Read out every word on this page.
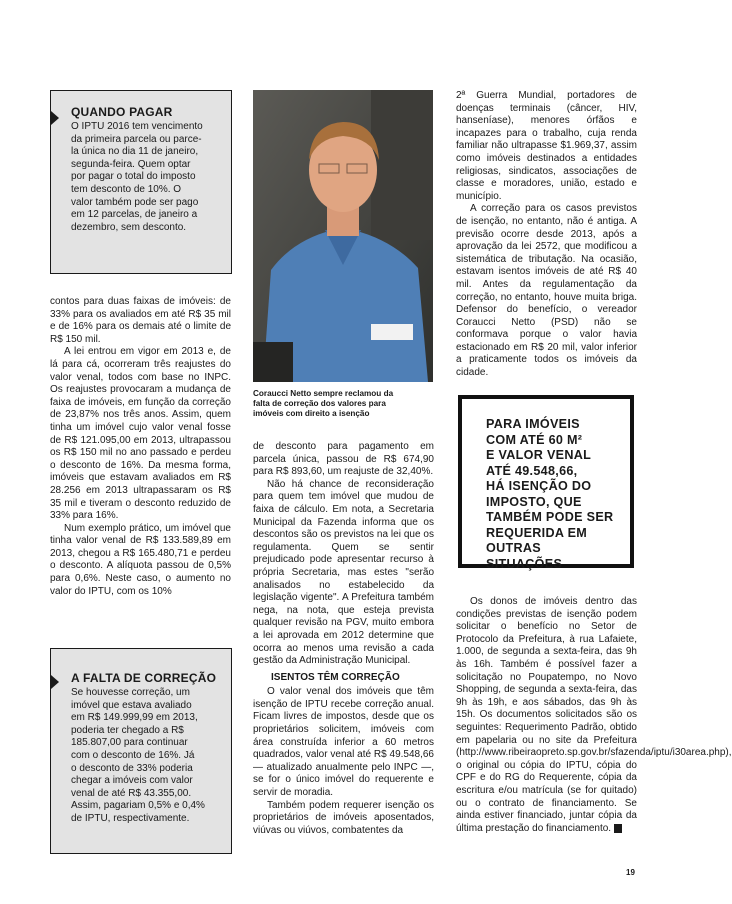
QUANDO PAGAR

O IPTU 2016 tem vencimento

da primeira parcela ou parce-

la única no dia 11 de janeiro,

segunda-feira. Quem optar

por pagar o total do imposto

tem desconto de 10%. O

valor também pode ser pago

em 12 parcelas, de janeiro a

dezembro, sem desconto.

contos para duas faixas de imóveis: de 33% para os avaliados em até R$ 35 mil e de 16% para os demais até o limite de R$ 150 mil.

A lei entrou em vigor em 2013 e, de lá para cá, ocorreram três reajustes do valor venal, todos com base no INPC. Os reajustes provocaram a mudança de faixa de imóveis, em função da correção de 23,87% nos três anos. Assim, quem tinha um imóvel cujo valor venal fosse de R$ 121.095,00 em 2013, ultrapassou os R$ 150 mil no ano passado e perdeu o desconto de 16%. Da mesma forma, imóveis que estavam avaliados em R$ 28.256 em 2013 ultrapassaram os R$ 35 mil e tiveram o desconto reduzido de 33% para 16%.

Num exemplo prático, um imóvel que tinha valor venal de R$ 133.589,89 em 2013, chegou a R$ 165.480,71 e perdeu o desconto. A alíquota passou de 0,5% para 0,6%. Neste caso, o aumento no valor do IPTU, com os 10%

A FALTA DE CORREÇÃO

Se houvesse correção, um

imóvel que estava avaliado

em R$ 149.999,99 em 2013,

poderia ter chegado a R$

185.807,00 para continuar

com o desconto de 16%. Já

o desconto de 33% poderia

chegar a imóveis com valor

venal de até R$ 43.355,00.

Assim, pagariam 0,5% e 0,4%

de IPTU, respectivamente.

Coraucci Netto sempre reclamou da
falta de correção dos valores para
imóveis com direito a isenção

de desconto para pagamento em parcela única, passou de R$ 674,90 para R$ 893,60, um reajuste de 32,40%.

Não há chance de reconsideração para quem tem imóvel que mudou de faixa de cálculo. Em nota, a Secretaria Municipal da Fazenda informa que os descontos são os previstos na lei que os regulamenta. Quem se sentir prejudicado pode apresentar recurso à própria Secretaria, mas estes "serão analisados no estabelecido da legislação vigente". A Prefeitura também nega, na nota, que esteja prevista qualquer revisão na PGV, muito embora a lei aprovada em 2012 determine que ocorra ao menos uma revisão a cada gestão da Administração Municipal.

ISENTOS TÊM CORREÇÃO

O valor venal dos imóveis que têm isenção de IPTU recebe correção anual. Ficam livres de impostos, desde que os proprietários solicitem, imóveis com área construída inferior a 60 metros quadrados, valor venal até R$ 49.548,66 — atualizado anualmente pelo INPC —, se for o único imóvel do requerente e servir de moradia.

Também podem requerer isenção os proprietários de imóveis aposentados, viúvas ou viúvos, combatentes da

2ª Guerra Mundial, portadores de doenças terminais (câncer, HIV, hanseníase), menores órfãos e incapazes para o trabalho, cuja renda familiar não ultrapasse $1.969,37, assim como imóveis destinados a entidades religiosas, sindicatos, associações de classe e moradores, união, estado e município.

A correção para os casos previstos de isenção, no entanto, não é antiga. A previsão ocorre desde 2013, após a aprovação da lei 2572, que modificou a sistemática de tributação. Na ocasião, estavam isentos imóveis de até R$ 40 mil. Antes da regulamentação da correção, no entanto, houve muita briga. Defensor do benefício, o vereador Coraucci Netto (PSD) não se conformava porque o valor havia estacionado em R$ 20 mil, valor inferior a praticamente todos os imóveis da cidade.

PARA IMÓVEIS
COM ATÉ 60 M²
E VALOR VENAL
ATÉ 49.548,66,
HÁ ISENÇÃO DO
IMPOSTO, QUE
TAMBÉM PODE SER
REQUERIDA EM
OUTRAS SITUAÇÕES

Os donos de imóveis dentro das condições previstas de isenção podem solicitar o benefício no Setor de Protocolo da Prefeitura, à rua Lafaiete, 1.000, de segunda a sexta-feira, das 9h às 16h. Também é possível fazer a solicitação no Poupatempo, no Novo Shopping, de segunda a sexta-feira, das 9h às 19h, e aos sábados, das 9h às 15h. Os documentos solicitados são os seguintes: Requerimento Padrão, obtido em papelaria ou no site da Prefeitura (http://www.ribeiraopreto.sp.gov.br/sfazenda/iptu/i30area.php), o original ou cópia do IPTU, cópia do CPF e do RG do Requerente, cópia da escritura e/ou matrícula (se for quitado) ou o contrato de financiamento. Se ainda estiver financiado, juntar cópia da última prestação do financiamento. R

19
